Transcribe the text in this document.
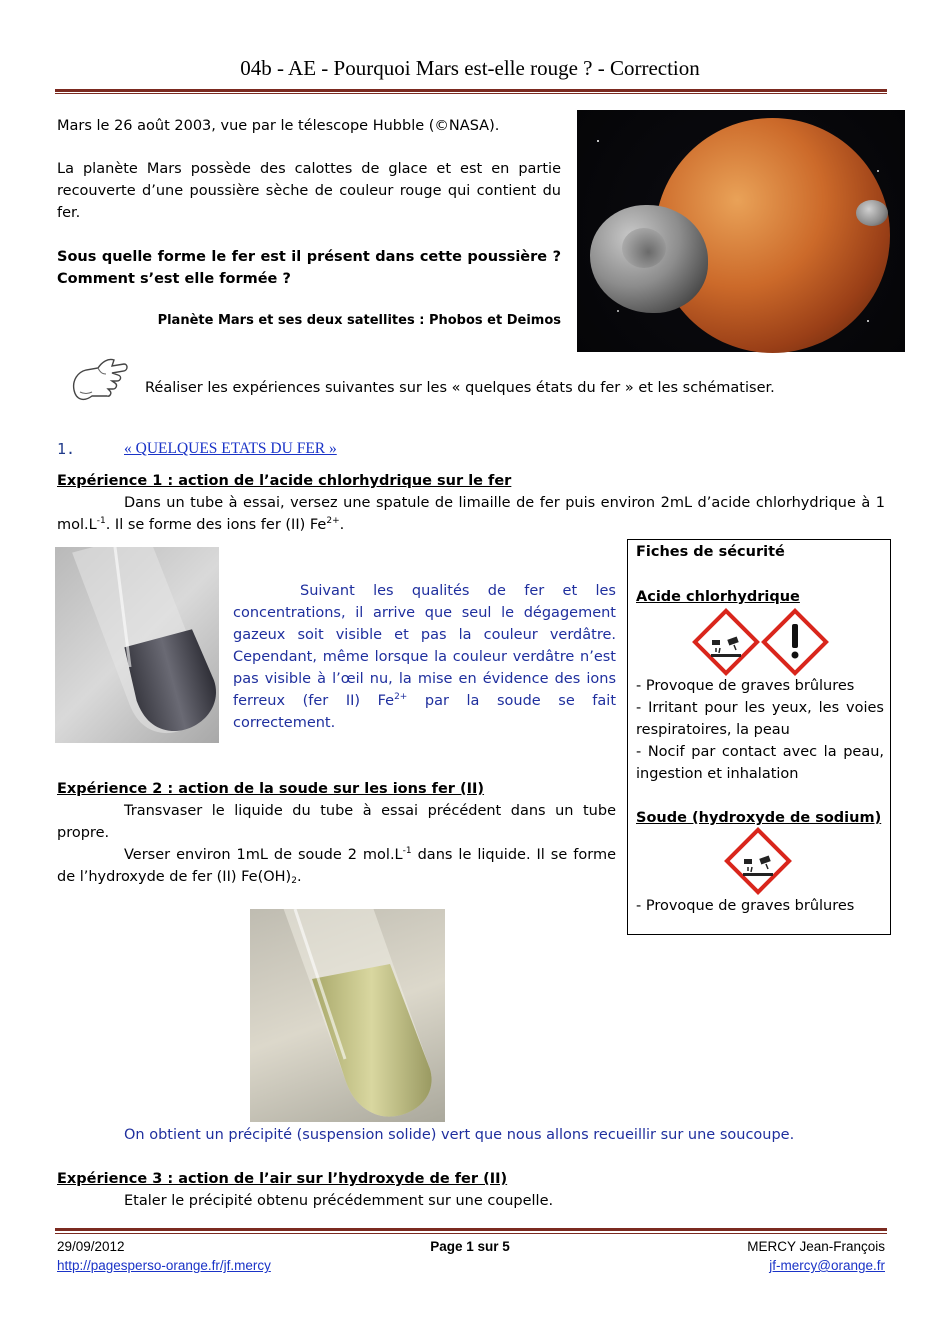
04b - AE - Pourquoi Mars est-elle rouge ? - Correction
Mars le 26 août 2003, vue par le télescope Hubble (©NASA).
La planète Mars possède des calottes de glace et est en partie recouverte d’une poussière sèche de couleur rouge qui contient du fer.
Sous quelle forme le fer est il présent dans cette poussière ? Comment s’est elle formée ?
Planète Mars et ses deux satellites : Phobos et Deimos
Réaliser les expériences suivantes sur les « quelques états du fer » et les schématiser.
1.	« QUELQUES ETATS DU FER »
Expérience 1 : action de l’acide chlorhydrique sur le fer
Dans un tube à essai, versez une spatule de limaille de fer puis environ 2mL d’acide chlorhydrique à 1 $mol.L^{-1}$. Il se forme des ions fer (II) $Fe^{2+}$.
Suivant les qualités de fer et les concentrations, il arrive que seul le dégagement gazeux soit visible et pas la couleur verdâtre. Cependant, même lorsque la couleur verdâtre n’est pas visible à l’œil nu, la mise en évidence des ions ferreux (fer II) $Fe^{2+}$ par la soude se fait correctement.
Fiches de sécurité
Acide chlorhydrique
- Provoque de graves brûlures
- Irritant pour les yeux, les voies respiratoires, la peau
- Nocif par contact avec la peau, ingestion et inhalation
Soude (hydroxyde de sodium)
- Provoque de graves brûlures
Expérience 2 : action de la soude sur les ions fer (II)
Transvaser le liquide du tube à essai précédent dans un tube propre.
Verser environ 1mL de soude 2 $mol.L^{-1}$ dans le liquide. Il se forme de l’hydroxyde de fer (II) $Fe(OH)_2$.
On obtient un précipité (suspension solide) vert que nous allons recueillir sur une soucoupe.
Expérience 3 : action de l’air sur l’hydroxyde de fer (II)
Etaler le précipité obtenu précédemment sur une coupelle.
29/09/2012	Page 1 sur 5	MERCY Jean-François
http://pagesperso-orange.fr/jf.mercy	jf-mercy@orange.fr
